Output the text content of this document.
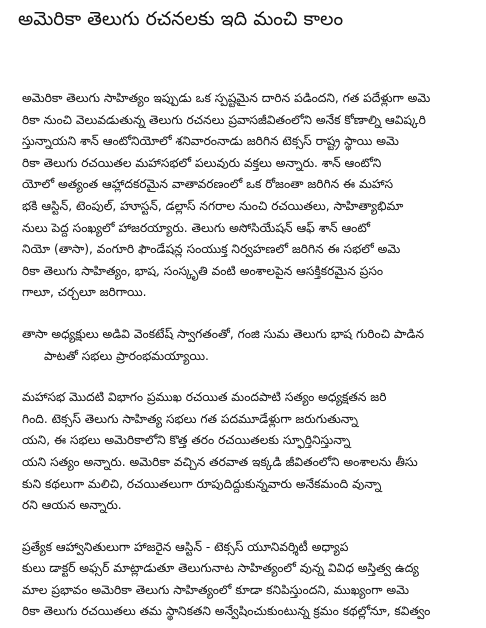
అమెరికా తెలుగు రచనలకు ఇది మంచి కాలం
అమెరికా తెలుగు సాహిత్యం ఇప్పుడు ఒక స్పష్టమైన దారిన పడిందని, గత పదేళ్లుగా అమె
రికా నుంచి వెలువడుతున్న తెలుగు రచనలు ప్రవాసజీవితంలోని అనేక కోణాల్ని ఆవిష్కరి
స్తున్నాయని శాన్ ఆంటోనియోలో శనివారంనాడు జరిగిన టెక్సస్ రాష్ట్ర స్థాయి అమె
రికా తెలుగు రచయితల మహాసభలో పలువురు వక్తలు అన్నారు. శాన్ ఆంటోని
యోలో అత్యంత ఆహ్లాదకరమైన వాతావరణంలో ఒక రోజంతా జరిగిన ఈ మహాస
భకి ఆస్టిన్, టెంపుల్, హూస్టన్, డల్లాస్ నగరాల నుంచి రచయితలు, సాహిత్యాభిమా
నులు పెద్ద సంఖ్యలో హాజరయ్యారు. తెలుగు అసోసియేషన్ ఆఫ్ శాన్ ఆంటో
నియో (తాసా), వంగూరి ఫౌండేషన్ల సంయుక్త నిర్వహణలో జరిగిన ఈ సభలో అమె
రికా తెలుగు సాహిత్యం, భాష, సంస్కృతి వంటి అంశాలపైన ఆసక్తికరమైన ప్రసం
గాలూ, చర్చలూ జరిగాయి.
తాసా అధ్యక్షులు అడివి వెంకటేష్ స్వాగతంతో, గంజి సుమ తెలుగు భాష గురించి పాడిన
పాటతో సభలు ప్రారంభమయ్యాయి.
మహాసభ మొదటి విభాగం ప్రముఖ రచయిత మందపాటి సత్యం అధ్యక్షతన జరి
గింది. టెక్సస్ తెలుగు సాహిత్య సభలు గత పదమూడేళ్లుగా జరుగుతున్నా
యని, ఈ సభలు అమెరికాలోని కొత్త తరం రచయితలకు స్ఫూర్తినిస్తున్నా
యని సత్యం అన్నారు. అమెరికా వచ్చిన తరవాత ఇక్కడి జీవితంలోని అంశాలను తీసు
కుని కథలుగా మలిచి, రచయితలుగా రూపుదిద్దుకున్నవారు అనేకమంది వున్నా
రని ఆయన అన్నారు.
ప్రత్యేక ఆహ్వానితులుగా హాజరైన ఆస్టిన్ - టెక్సస్ యూనివర్శిటీ అధ్యాప
కులు డాక్టర్ అఫ్సర్ మాట్లాడుతూ తెలుగునాట సాహిత్యంలో వున్న వివిధ అస్తిత్వ ఉద్య
మాల ప్రభావం అమెరికా తెలుగు సాహిత్యంలో కూడా కనిపిస్తుందని, ముఖ్యంగా అమె
రికా తెలుగు రచయితలు తమ స్థానికతని అన్వేషించుకుంటున్న క్రమం కథల్లోనూ, కవిత్వం
